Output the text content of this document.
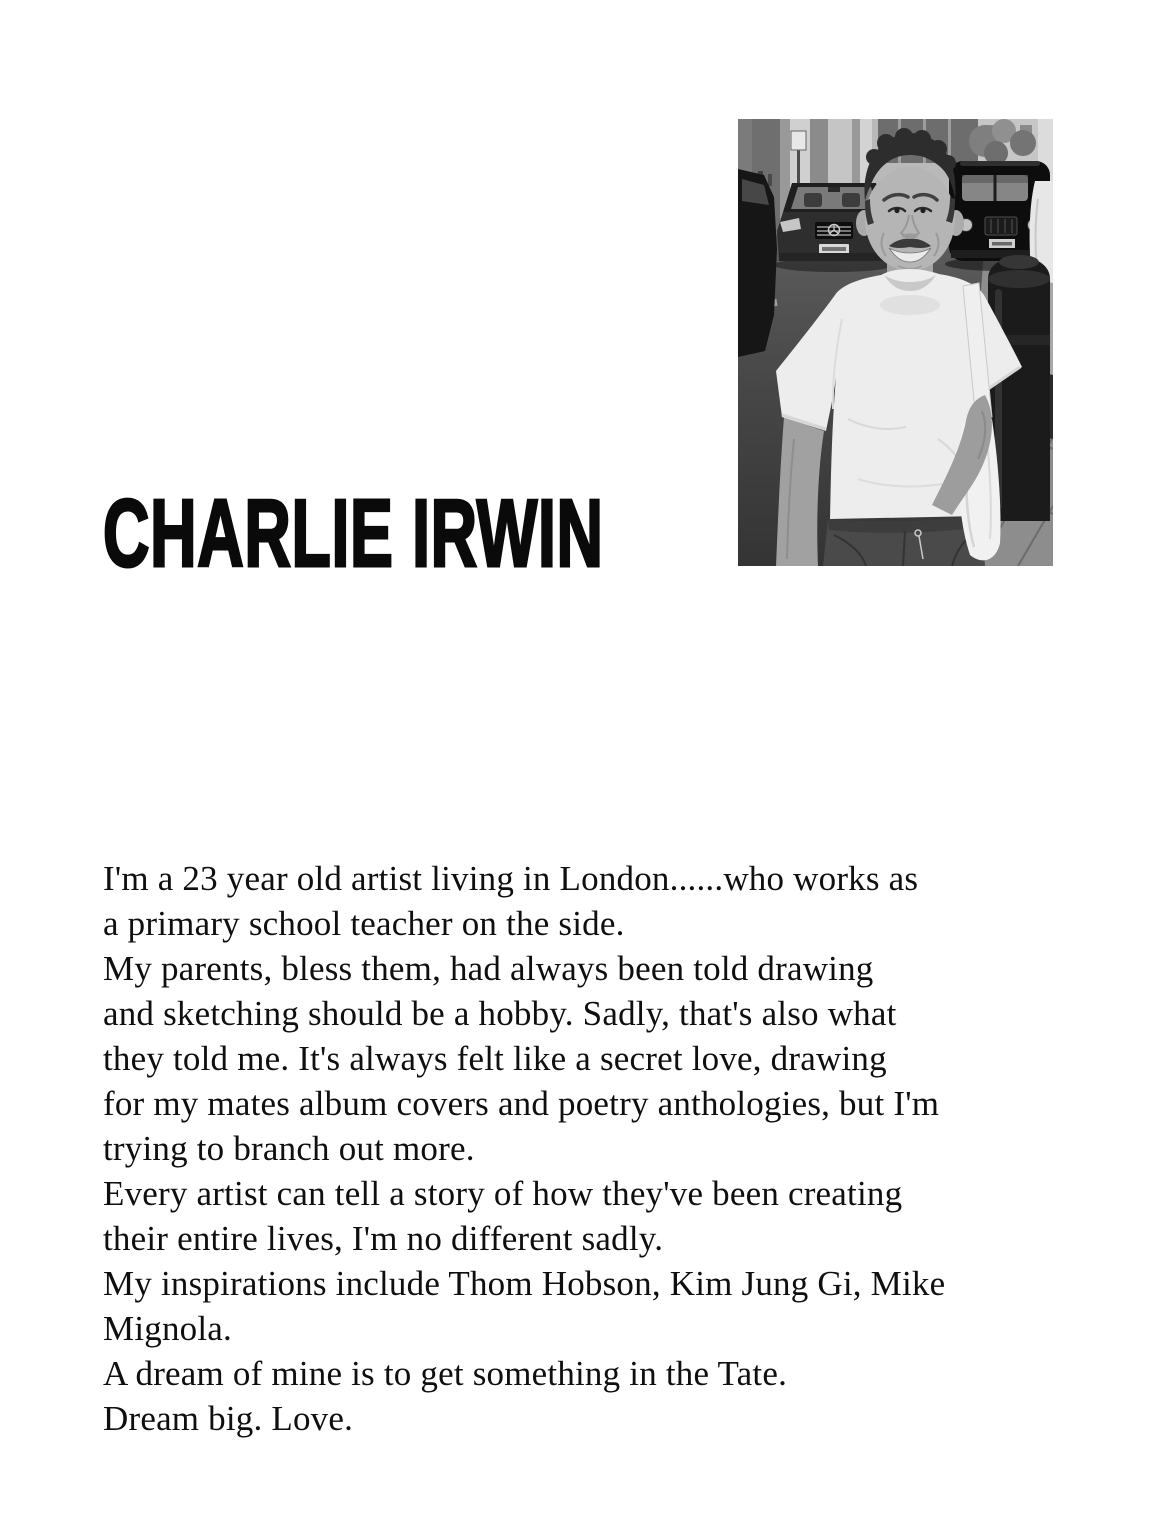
CHARLIE IRWIN
I'm a 23 year old artist living in London......who works as
a primary school teacher on the side.
My parents, bless them, had always been told drawing
and sketching should be a hobby. Sadly, that's also what
they told me. It's always felt like a secret love, drawing
for my mates album covers and poetry anthologies, but I'm
trying to branch out more.
Every artist can tell a story of how they've been creating
their entire lives, I'm no different sadly.
My inspirations include Thom Hobson, Kim Jung Gi, Mike
Mignola.
A dream of mine is to get something in the Tate.
Dream big. Love.
